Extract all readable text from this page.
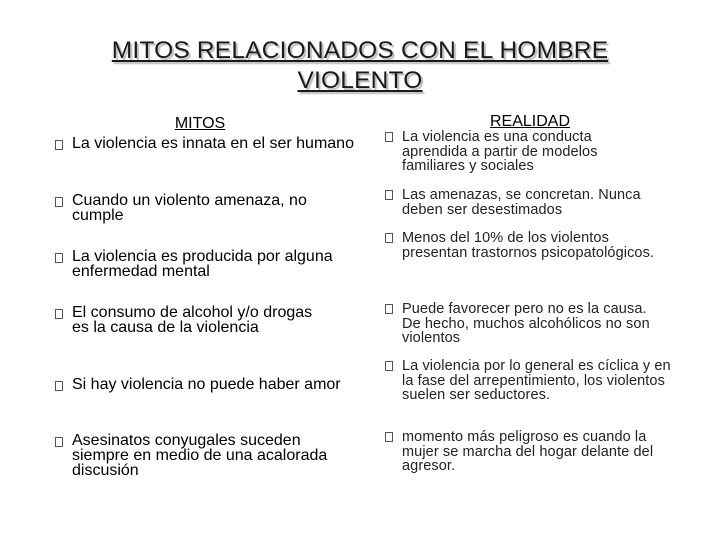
MITOS RELACIONADOS CON EL HOMBRE VIOLENTO
MITOS	REALIDAD
La violencia es innata en el ser humano
Cuando un violento amenaza, no cumple
La violencia es producida por alguna enfermedad mental
El consumo de alcohol y/o drogas es la causa de la violencia
Si hay violencia no puede haber amor
Asesinatos conyugales suceden siempre en medio de una acalorada discusión
La violencia es una conducta aprendida a partir de modelos familiares y sociales
Las amenazas, se concretan. Nunca deben ser desestimados
Menos del 10% de los violentos presentan trastornos psicopatológicos.
Puede favorecer pero no es la causa. De hecho, muchos alcohólicos no son violentos
La violencia por lo general es cíclica y en la fase del arrepentimiento, los violentos suelen ser seductores.
momento más peligroso es cuando la mujer se marcha del hogar delante del agresor.
